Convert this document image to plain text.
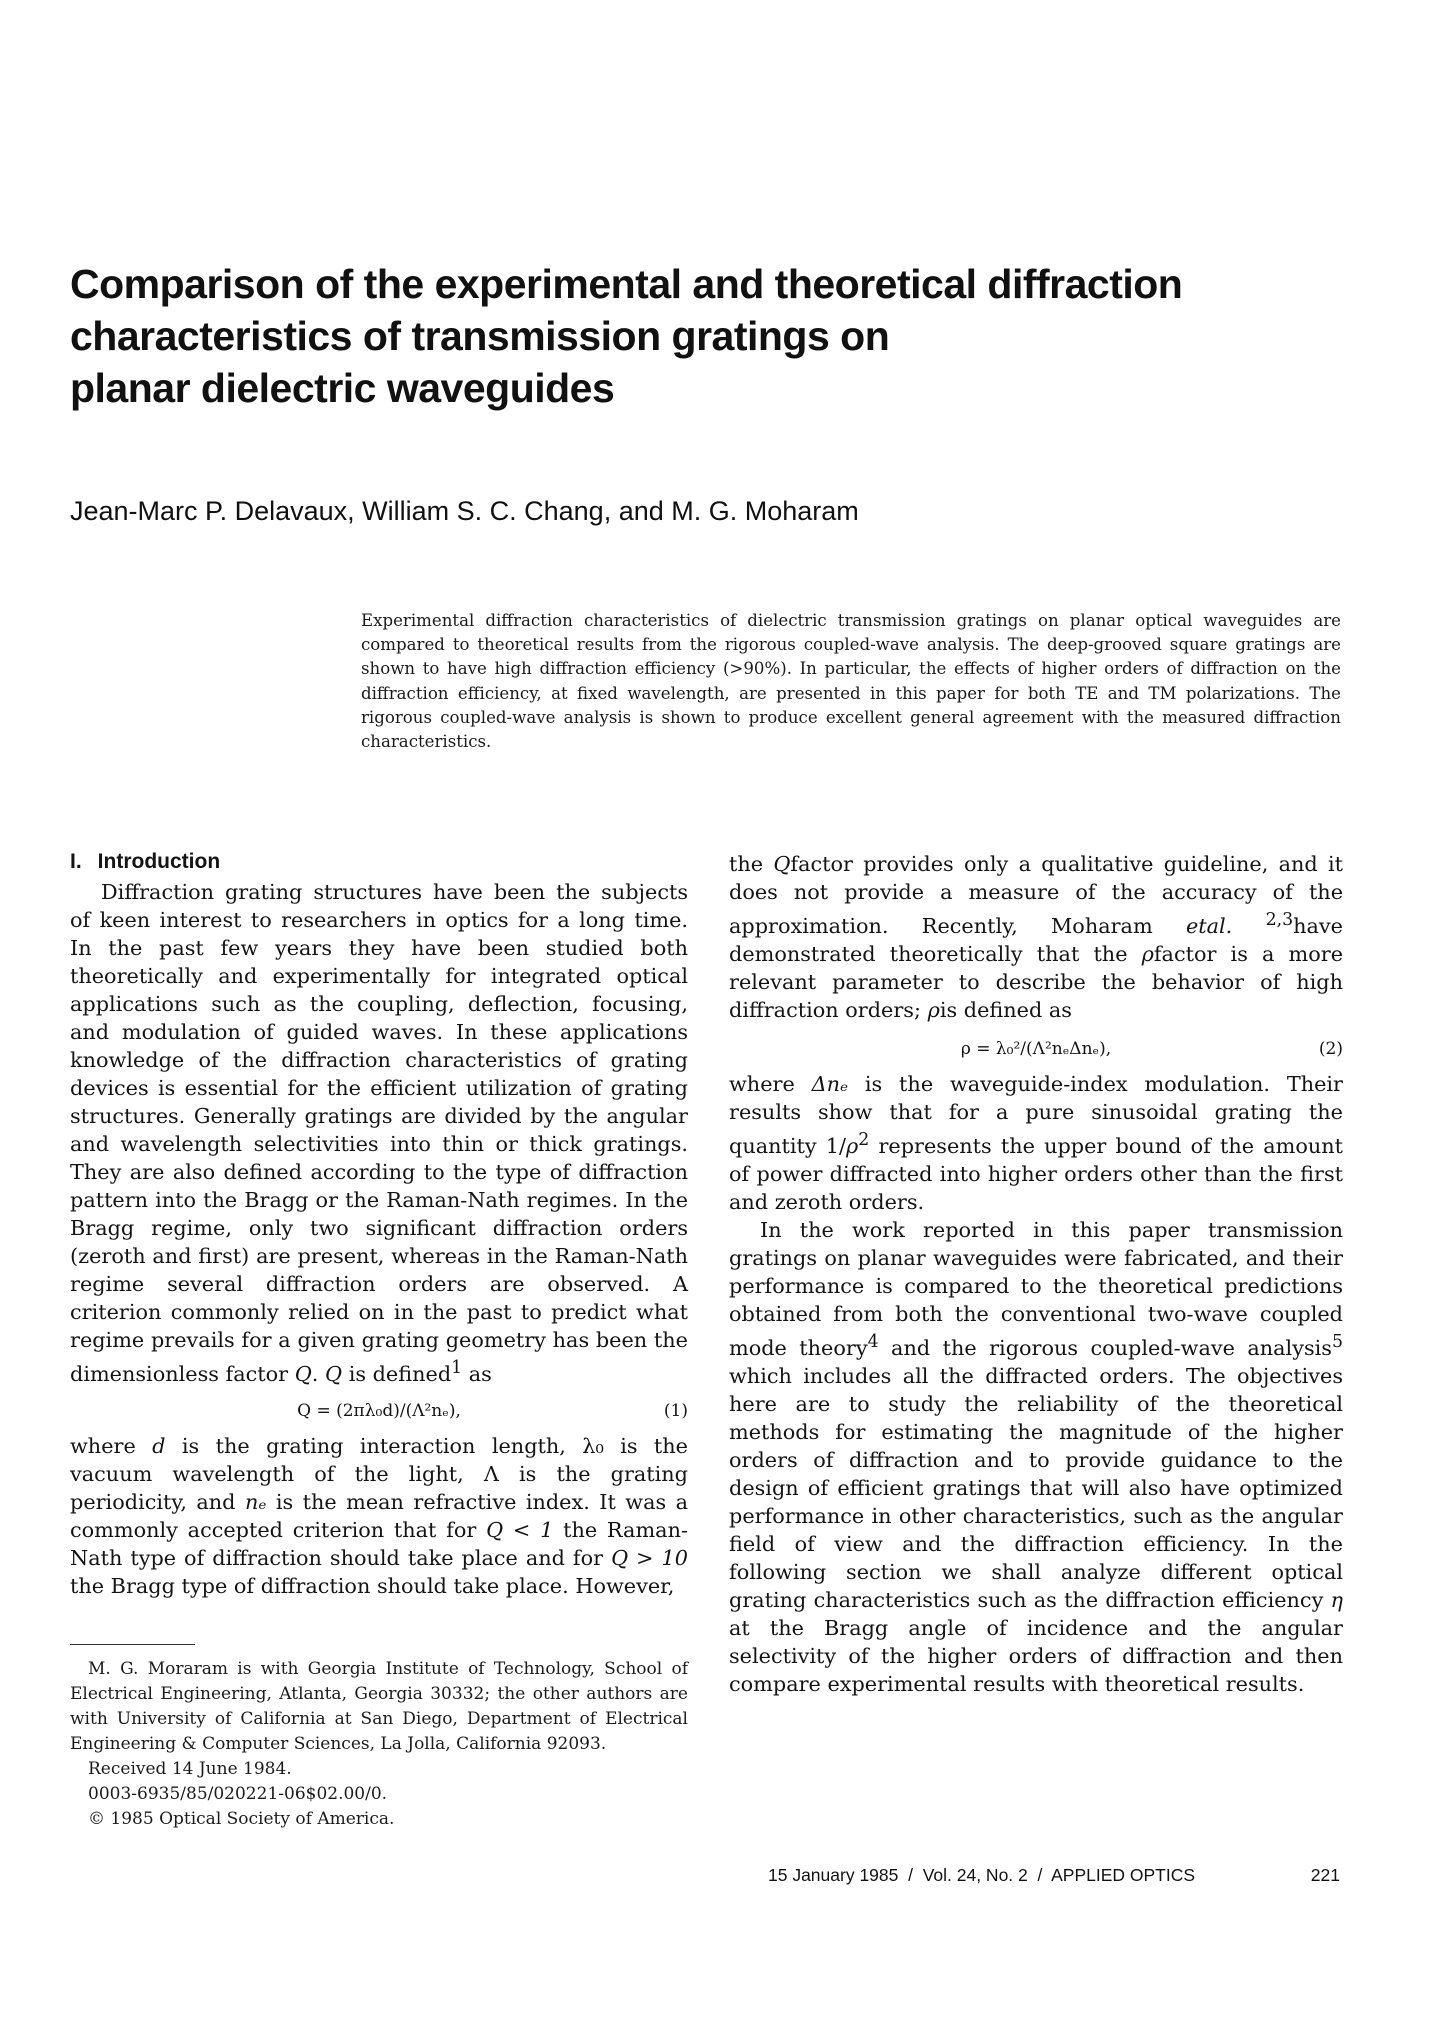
Comparison of the experimental and theoretical diffraction
characteristics of transmission gratings on
planar dielectric waveguides
Jean-Marc P. Delavaux, William S. C. Chang, and M. G. Moharam
Experimental diffraction characteristics of dielectric transmission gratings on planar optical waveguides are compared to theoretical results from the rigorous coupled-wave analysis. The deep-grooved square gratings are shown to have high diffraction efficiency (>90%). In particular, the effects of higher orders of diffraction on the diffraction efficiency, at fixed wavelength, are presented in this paper for both TE and TM polarizations. The rigorous coupled-wave analysis is shown to produce excellent general agreement with the measured diffraction characteristics.
I. Introduction

Diffraction grating structures have been the subjects of keen interest to researchers in optics for a long time. In the past few years they have been studied both theoretically and experimentally for integrated optical applications such as the coupling, deflection, focusing, and modulation of guided waves. In these applications knowledge of the diffraction characteristics of grating devices is essential for the efficient utilization of grating structures. Generally gratings are divided by the angular and wavelength selectivities into thin or thick gratings. They are also defined according to the type of diffraction pattern into the Bragg or the Raman-Nath regimes. In the Bragg regime, only two significant diffraction orders (zeroth and first) are present, whereas in the Raman-Nath regime several diffraction orders are observed. A criterion commonly relied on in the past to predict what regime prevails for a given grating geometry has been the dimensionless factor Q. Q is defined$^1$ as

Q = (2πλ₀d)/(Λ²nₑ),	(1)

where d is the grating interaction length, λ₀ is the vacuum wavelength of the light, Λ is the grating periodicity, and nₑ is the mean refractive index. It was a commonly accepted criterion that for Q < 1 the Raman-Nath type of diffraction should take place and for Q > 10 the Bragg type of diffraction should take place. However,

the Qfactor provides only a qualitative guideline, and it does not provide a measure of the accuracy of the approximation. Recently, Moharam etal. $^{2,3}$have demonstrated theoretically that the ρfactor is a more relevant parameter to describe the behavior of high diffraction orders; ρis defined as

ρ = λ₀²/(Λ²nₑΔnₑ),	(2)

where Δnₑ is the waveguide-index modulation. Their results show that for a pure sinusoidal grating the quantity $1/\rho^2$ represents the upper bound of the amount of power diffracted into higher orders other than the first and zeroth orders.

In the work reported in this paper transmission gratings on planar waveguides were fabricated, and their performance is compared to the theoretical predictions obtained from both the conventional two-wave coupled mode theory$^4$ and the rigorous coupled-wave analysis$^5$ which includes all the diffracted orders. The objectives here are to study the reliability of the theoretical methods for estimating the magnitude of the higher orders of diffraction and to provide guidance to the design of efficient gratings that will also have optimized performance in other characteristics, such as the angular field of view and the diffraction efficiency. In the following section we shall analyze different optical grating characteristics such as the diffraction efficiency η at the Bragg angle of incidence and the angular selectivity of the higher orders of diffraction and then compare experimental results with theoretical results.

M. G. Moraram is with Georgia Institute of Technology, School of Electrical Engineering, Atlanta, Georgia 30332; the other authors are with University of California at San Diego, Department of Electrical Engineering & Computer Sciences, La Jolla, California 92093.

Received 14 June 1984.

0003-6935/85/020221-06$02.00/0.

© 1985 Optical Society of America.

15 January 1985  /  Vol. 24, No. 2  /  APPLIED OPTICS	221
